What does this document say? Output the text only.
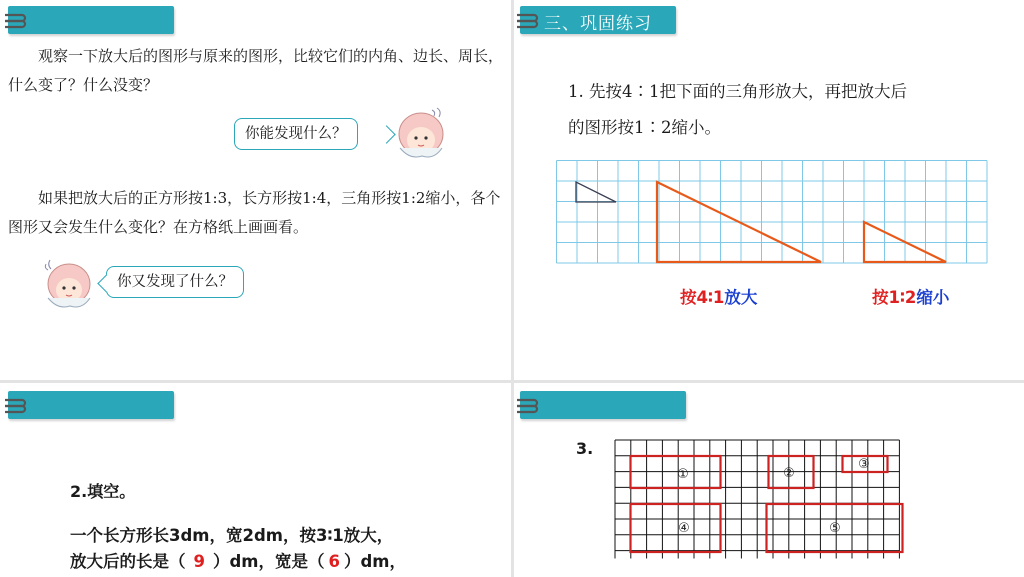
观察一下放大后的图形与原来的图形，比较它们的内角、边长、周长，什么变了？什么没变？
你能发现什么？
如果把放大后的正方形按1:3，长方形按1:4，三角形按1:2缩小，各个图形又会发生什么变化？在方格纸上画画看。
你又发现了什么？
三、巩固练习
1. 先按4∶1把下面的三角形放大，再把放大后
的图形按1∶2缩小。
按4∶1放大	按1∶2缩小
2.填空。
一个长方形长3dm，宽2dm，按3∶1放大，
放大后的长是（ 9 ）dm，宽是（ 6 ）dm，
3.
①	②
③
④	⑤
